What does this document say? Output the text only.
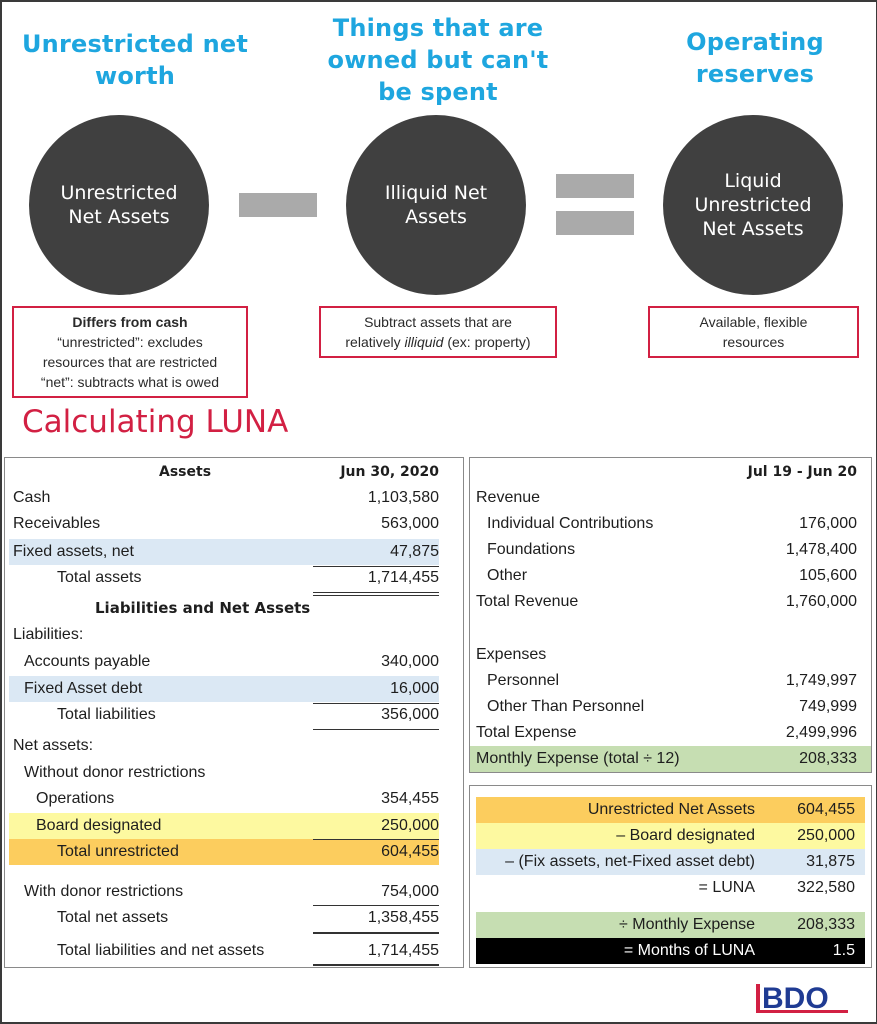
Unrestricted net worth
Things that are owned but can't be spent
Operating reserves
Unrestricted
Net Assets
Illiquid Net
Assets
Liquid
Unrestricted
Net Assets
Differs from cash
“unrestricted”: excludes
resources that are restricted
“net”: subtracts what is owed
Subtract assets that are
relatively illiquid (ex: property)
Available, flexible
resources
Calculating LUNA
Assets	Jun 30, 2020
Cash	1,103,580
Receivables	563,000
Fixed assets, net	47,875
Total assets	1,714,455
Liabilities and Net Assets
Liabilities:
Accounts payable	340,000
Fixed Asset debt	16,000
Total liabilities	356,000
Net assets:
Without donor restrictions
Operations	354,455
Board designated	250,000
Total unrestricted	604,455
With donor restrictions	754,000
Total net assets	1,358,455
Total liabilities and net assets	1,714,455
Jul 19 - Jun 20
Revenue
Individual Contributions	176,000
Foundations	1,478,400
Other	105,600
Total Revenue	1,760,000
Expenses
Personnel	1,749,997
Other Than Personnel	749,999
Total Expense	2,499,996
Monthly Expense (total ÷ 12)	208,333
Unrestricted Net Assets	604,455
– Board designated	250,000
– (Fix assets, net-Fixed asset debt)	31,875
= LUNA	322,580
÷ Monthly Expense	208,333
= Months of LUNA	1.5
BDO
